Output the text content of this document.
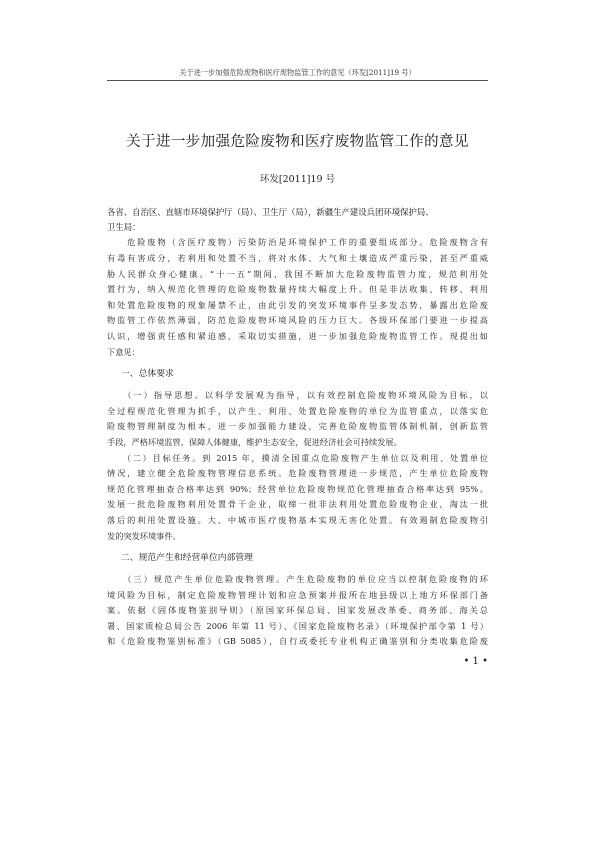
关于进一步加强危险废物和医疗废物监管工作的意见（环发[2011]19 号）
关于进一步加强危险废物和医疗废物监管工作的意见
环发[2011]19 号

各省、自治区、直辖市环境保护厅（局）、卫生厅（局），新疆生产建设兵团环境保护局、
卫生局：

　　危险废物（含医疗废物）污染防治是环境保护工作的重要组成部分。危险废物含有
有毒有害成分，若利用和处置不当，将对水体、大气和土壤造成严重污染，甚至严重威
胁人民群众身心健康。“十一五”期间，我国不断加大危险废物监管力度，规范利用处
置行为，纳入规范化管理的危险废物数量持续大幅度上升。但是非法收集、转移、利用
和处置危险废物的现象屡禁不止，由此引发的突发环境事件呈多发态势，暴露出危险废
物监管工作依然薄弱，防范危险废物环境风险的压力巨大。各级环保部门要进一步提高
认识，增强责任感和紧迫感，采取切实措施，进一步加强危险废物监管工作。现提出如
下意见：

一、总体要求

　　（一）指导思想。以科学发展观为指导，以有效控制危险废物环境风险为目标，以
全过程规范化管理为抓手，以产生、利用、处置危险废物的单位为监管重点，以落实危
险废物管理制度为根本，进一步加强能力建设，完善危险废物监管体制机制，创新监管
手段，严格环境监管，保障人体健康，维护生态安全，促进经济社会可持续发展。

　　（二）目标任务。到 2015 年，摸清全国重点危险废物产生单位以及利用、处置单位
情况，建立健全危险废物管理信息系统。危险废物管理进一步规范，产生单位危险废物
规范化管理抽查合格率达到 90%；经营单位危险废物规范化管理抽查合格率达到 95%。
发展一批危险废物利用处置骨干企业，取缔一批非法利用处置危险废物企业，淘汰一批
落后的利用处置设施。大、中城市医疗废物基本实现无害化处置。有效遏制危险废物引
发的突发环境事件。

二、规范产生和经营单位内部管理

　　（三）规范产生单位危险废物管理。产生危险废物的单位应当以控制危险废物的环
境风险为目标，制定危险废物管理计划和应急预案并报所在地县级以上地方环保部门备
案。依据《固体废物鉴别导则》（原国家环保总局、国家发展改革委、商务部、海关总
署、国家质检总局公告 2006 年第 11 号）、《国家危险废物名录》（环境保护部令第 1 号）
和《危险废物鉴别标准》（GB 5085），自行或委托专业机构正确鉴别和分类收集危险废

• 1 •
